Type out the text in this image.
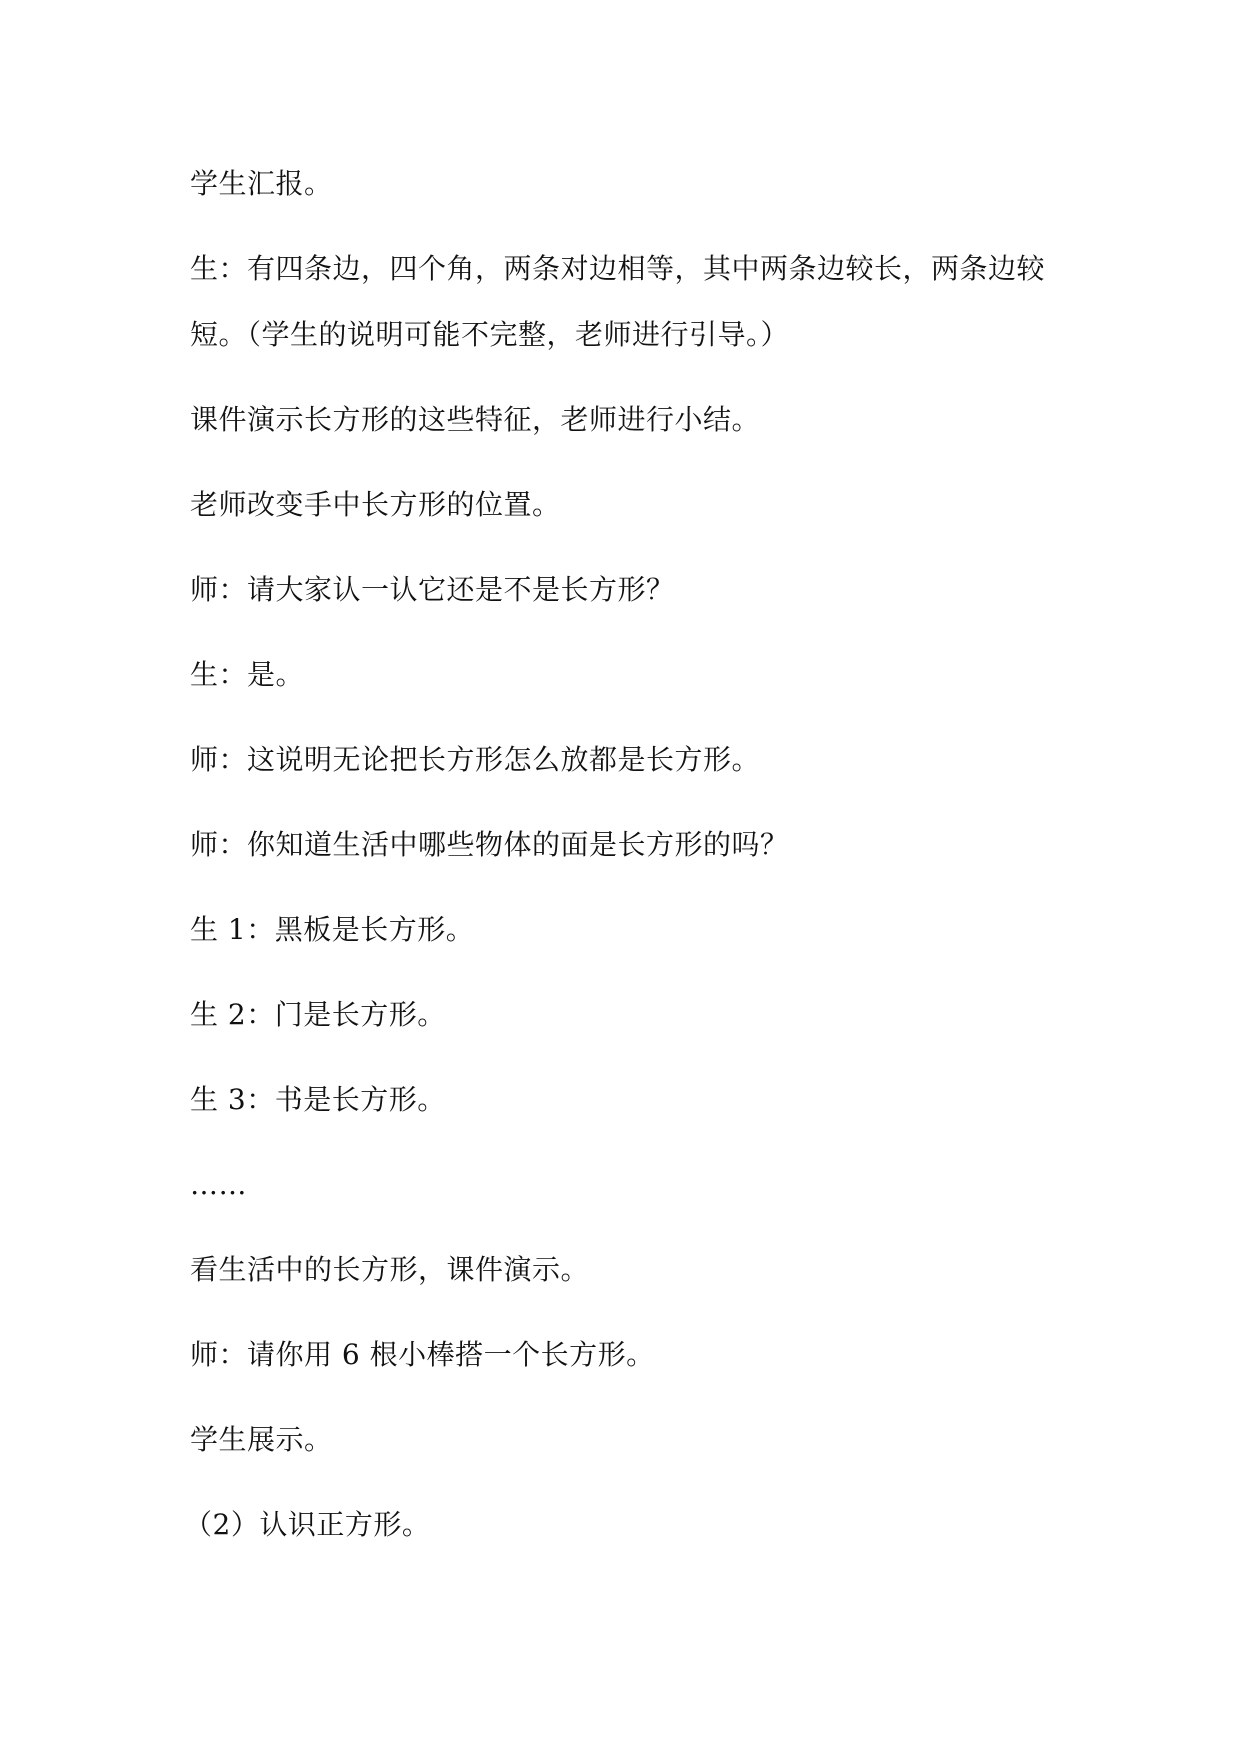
学生汇报。
生：有四条边，四个角，两条对边相等，其中两条边较长，两条边较
短。（学生的说明可能不完整，老师进行引导。）
课件演示长方形的这些特征，老师进行小结。
老师改变手中长方形的位置。
师：请大家认一认它还是不是长方形？
生：是。
师：这说明无论把长方形怎么放都是长方形。
师：你知道生活中哪些物体的面是长方形的吗？
生 1：黑板是长方形。
生 2：门是长方形。
生 3：书是长方形。
……
看生活中的长方形，课件演示。
师：请你用 6 根小棒搭一个长方形。
学生展示。
（2）认识正方形。
